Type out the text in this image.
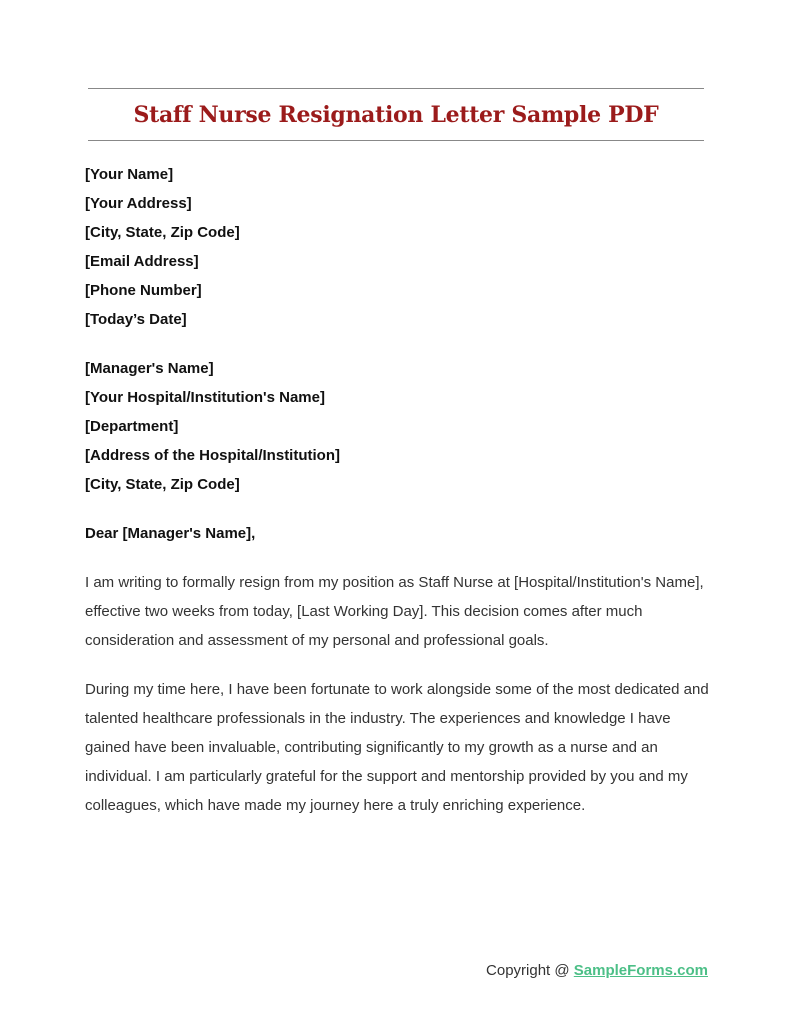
Staff Nurse Resignation Letter Sample PDF
[Your Name]
[Your Address]
[City, State, Zip Code]
[Email Address]
[Phone Number]
[Today’s Date]
[Manager's Name]
[Your Hospital/Institution's Name]
[Department]
[Address of the Hospital/Institution]
[City, State, Zip Code]
Dear [Manager's Name],

I am writing to formally resign from my position as Staff Nurse at [Hospital/Institution's Name], effective two weeks from today, [Last Working Day]. This decision comes after much consideration and assessment of my personal and professional goals.

During my time here, I have been fortunate to work alongside some of the most dedicated and talented healthcare professionals in the industry. The experiences and knowledge I have gained have been invaluable, contributing significantly to my growth as a nurse and an individual. I am particularly grateful for the support and mentorship provided by you and my colleagues, which have made my journey here a truly enriching experience.

Copyright @ SampleForms.com
